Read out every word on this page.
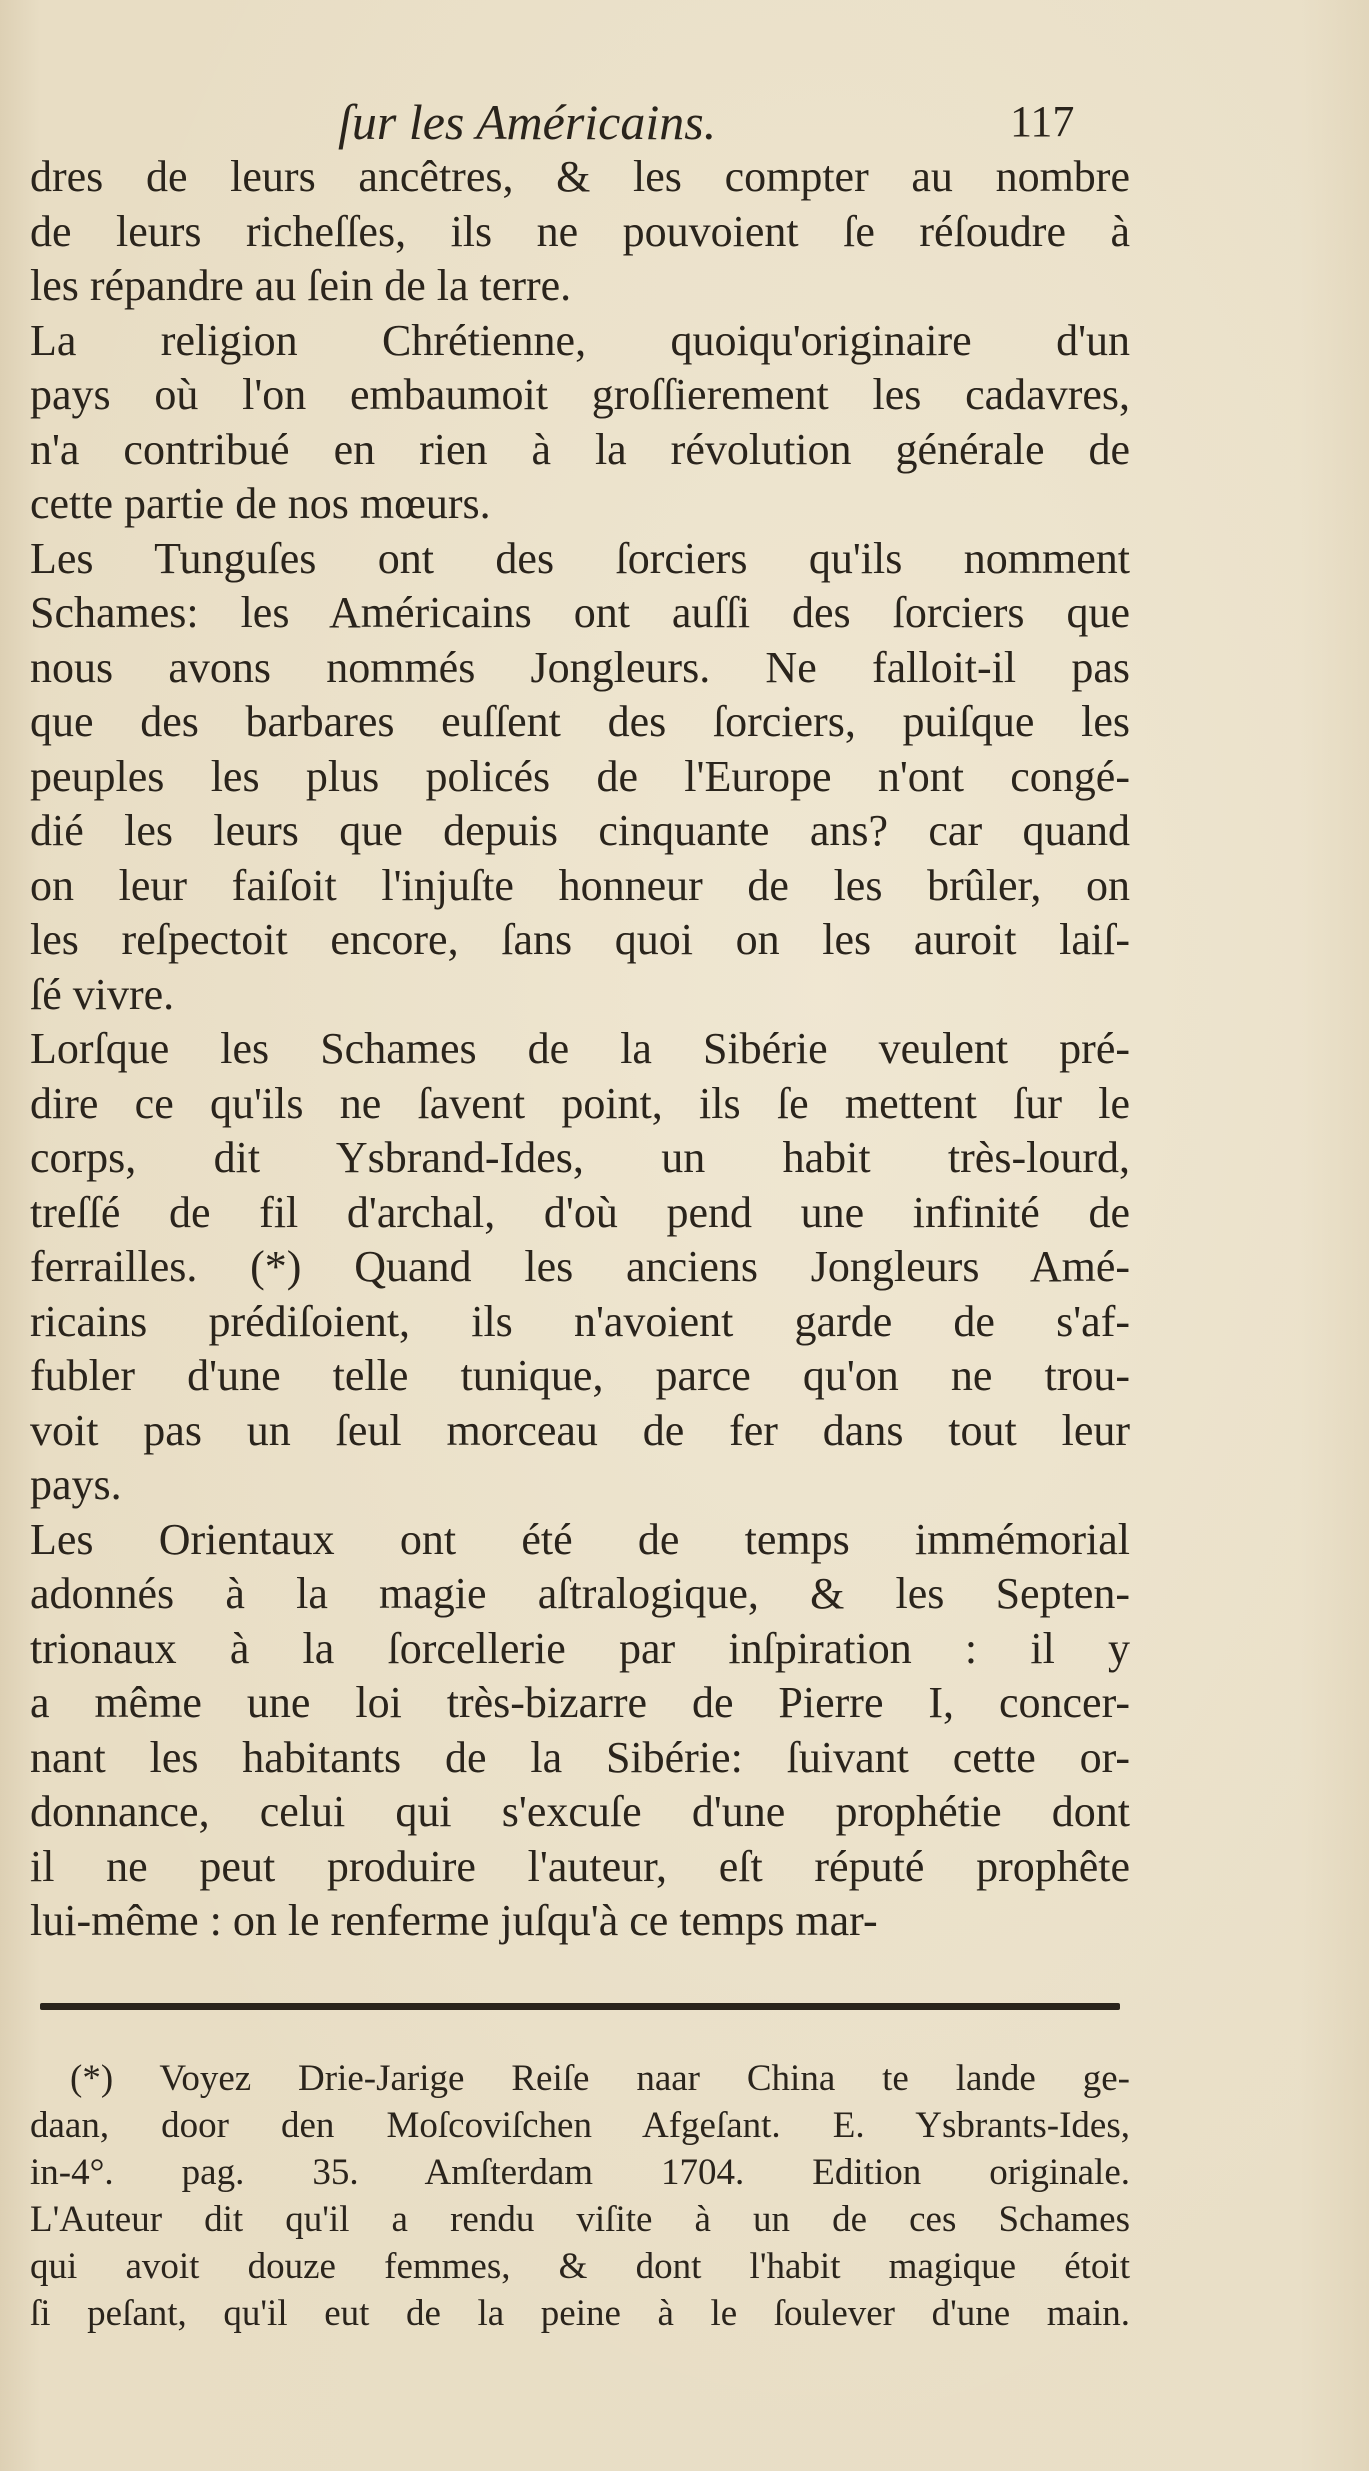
ſur les Américains.	117
dres de leurs ancêtres, & les compter au nombre
de leurs richeſſes, ils ne pouvoient ſe réſoudre à
les répandre au ſein de la terre.
La religion Chrétienne, quoiqu'originaire d'un
pays où l'on embaumoit groſſierement les cadavres,
n'a contribué en rien à la révolution générale de
cette partie de nos mœurs.
Les Tunguſes ont des ſorciers qu'ils nomment
Schames: les Américains ont auſſi des ſorciers que
nous avons nommés Jongleurs. Ne falloit-il pas
que des barbares euſſent des ſorciers, puiſque les
peuples les plus policés de l'Europe n'ont congé-
dié les leurs que depuis cinquante ans? car quand
on leur faiſoit l'injuſte honneur de les brûler, on
les reſpectoit encore, ſans quoi on les auroit laiſ-
ſé vivre.
Lorſque les Schames de la Sibérie veulent pré-
dire ce qu'ils ne ſavent point, ils ſe mettent ſur le
corps, dit Ysbrand-Ides, un habit très-lourd,
treſſé de fil d'archal, d'où pend une infinité de
ferrailles. (*) Quand les anciens Jongleurs Amé-
ricains prédiſoient, ils n'avoient garde de s'af-
fubler d'une telle tunique, parce qu'on ne trou-
voit pas un ſeul morceau de fer dans tout leur
pays.
Les Orientaux ont été de temps immémorial
adonnés à la magie aſtralogique, & les Septen-
trionaux à la ſorcellerie par inſpiration : il y
a même une loi très-bizarre de Pierre I, concer-
nant les habitants de la Sibérie: ſuivant cette or-
donnance, celui qui s'excuſe d'une prophétie dont
il ne peut produire l'auteur, eſt réputé prophête
lui-même : on le renferme juſqu'à ce temps mar-
(*) Voyez Drie-Jarige Reiſe naar China te lande ge-
daan, door den Moſcoviſchen Afgeſant. E. Ysbrants-Ides,
in-4°. pag. 35. Amſterdam 1704. Edition originale.
L'Auteur dit qu'il a rendu viſite à un de ces Schames
qui avoit douze femmes, & dont l'habit magique étoit
ſi peſant, qu'il eut de la peine à le ſoulever d'une main.
